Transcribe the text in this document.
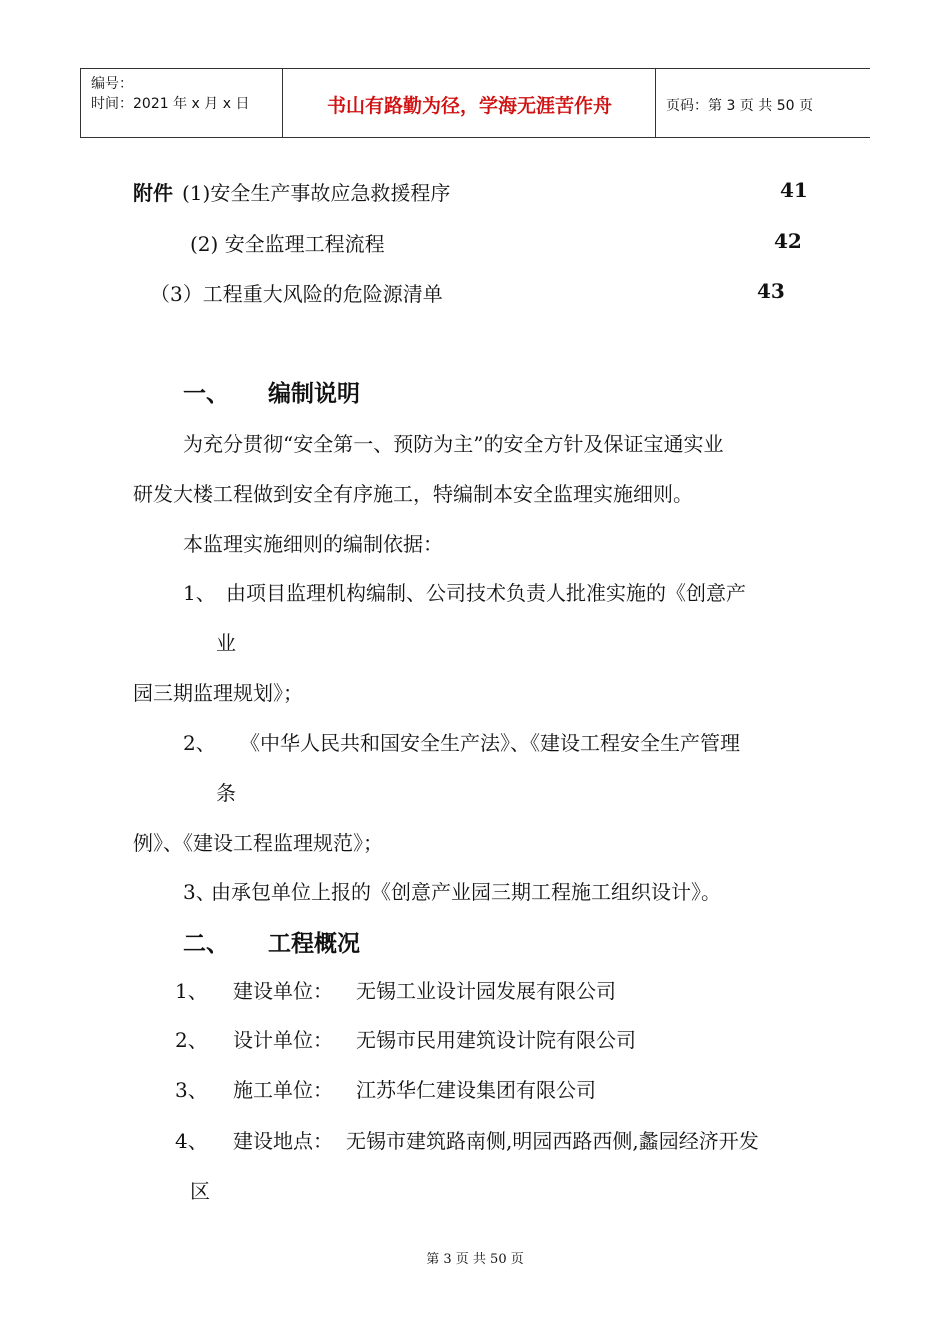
编号：
时间：2021 年 x 月 x 日	书山有路勤为径，学海无涯苦作舟	页码：第 3 页 共 50 页
附件 (1)安全生产事故应急救援程序	41
(2) 安全监理工程流程	42
（3）工程重大风险的危险源清单	43
一、 编制说明
为充分贯彻“安全第一、预防为主”的安全方针及保证宝通实业
研发大楼工程做到安全有序施工，特编制本安全监理实施细则。
本监理实施细则的编制依据：
1、 由项目监理机构编制、公司技术负责人批准实施的《创意产
业
园三期监理规划》；
2、 《中华人民共和国安全生产法》、《建设工程安全生产管理
条
例》、《建设工程监理规范》；
3、
由承包单位上报的《创意产业园三期工程施工组织设计》。
二、 工程概况
1、 建设单位： 无锡工业设计园发展有限公司
2、 设计单位： 无锡市民用建筑设计院有限公司
3、 施工单位： 江苏华仁建设集团有限公司
4、 建设地点： 无锡市建筑路南侧,明园西路西侧,蠡园经济开发
区
第 3 页 共 50 页
